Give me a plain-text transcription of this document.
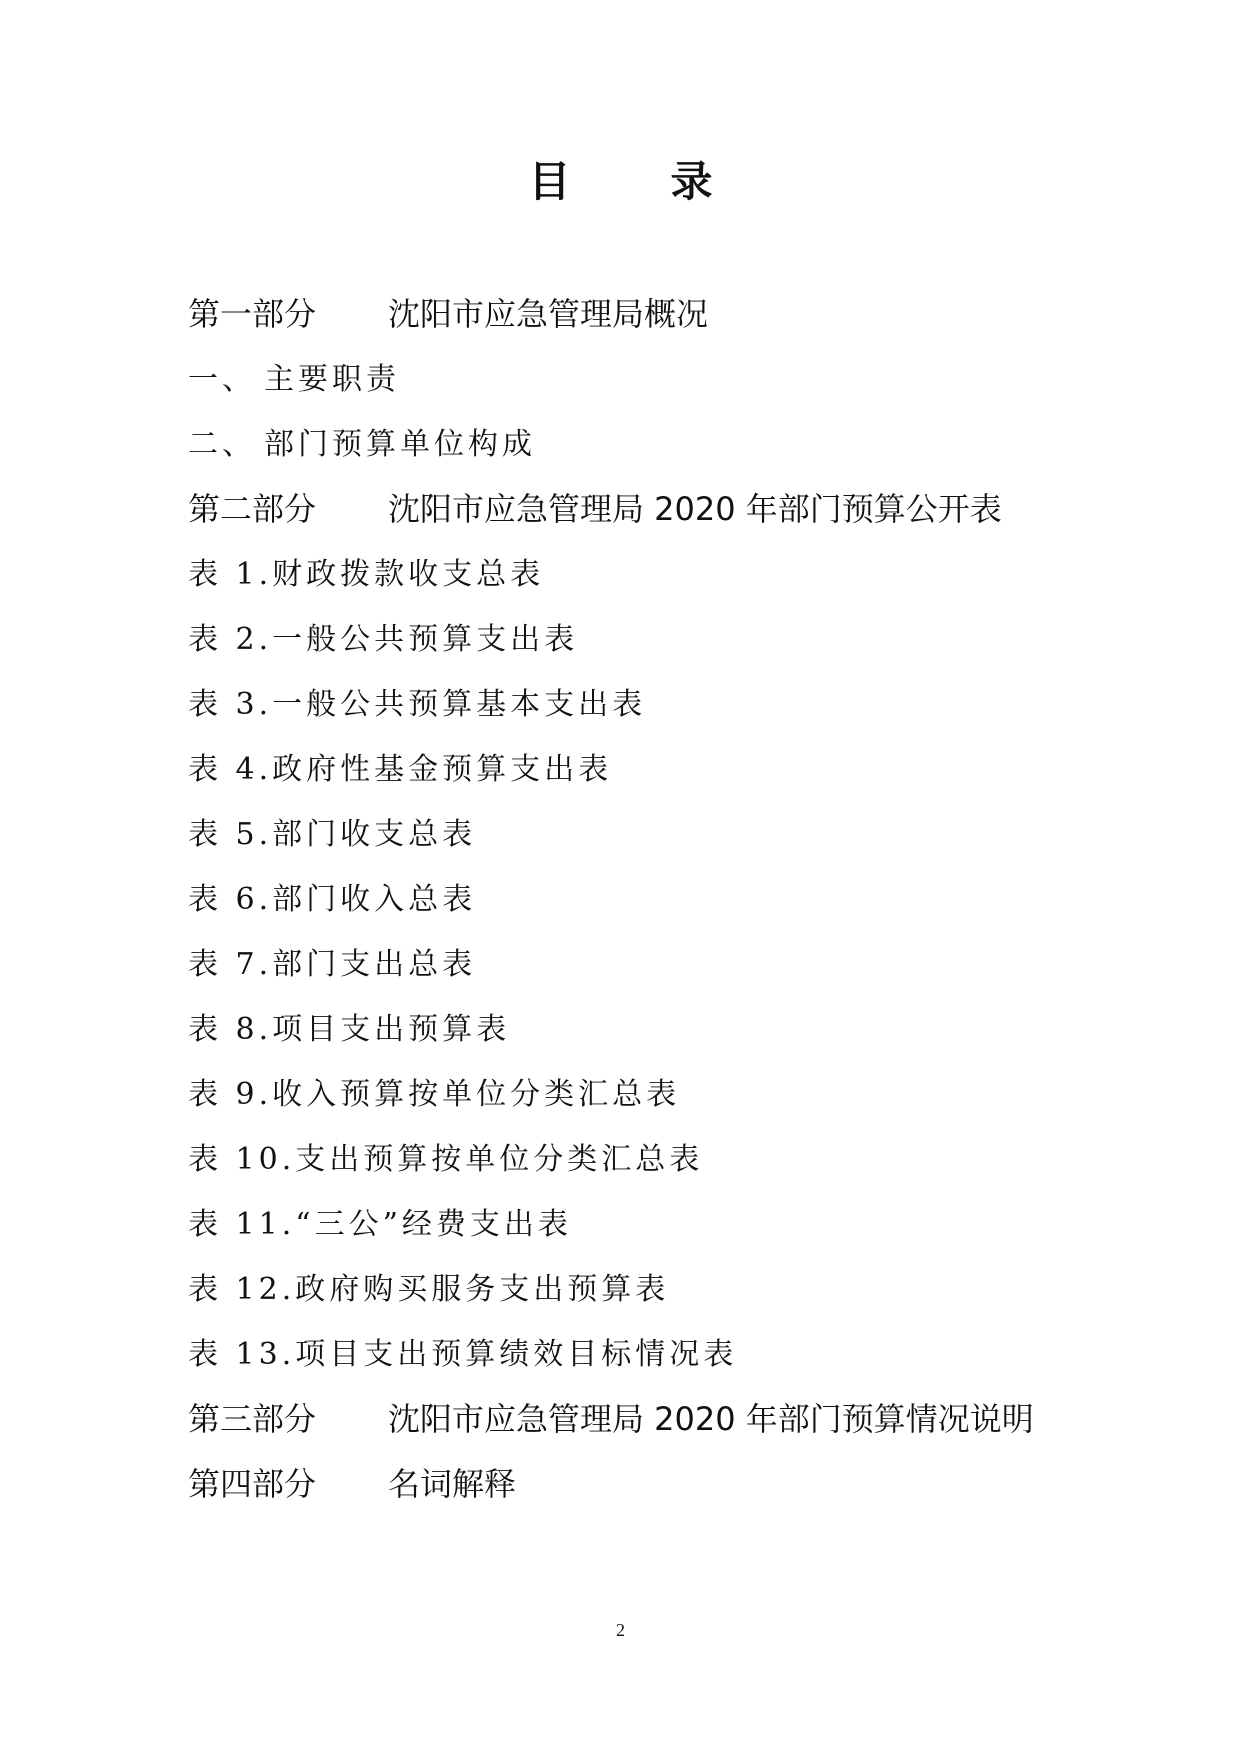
目 录
第一部分 沈阳市应急管理局概况
一、 主要职责
二、 部门预算单位构成
第二部分 沈阳市应急管理局 2020 年部门预算公开表
表 1.财政拨款收支总表
表 2.一般公共预算支出表
表 3.一般公共预算基本支出表
表 4.政府性基金预算支出表
表 5.部门收支总表
表 6.部门收入总表
表 7.部门支出总表
表 8.项目支出预算表
表 9.收入预算按单位分类汇总表
表 10.支出预算按单位分类汇总表
表 11.“三公”经费支出表
表 12.政府购买服务支出预算表
表 13.项目支出预算绩效目标情况表
第三部分 沈阳市应急管理局 2020 年部门预算情况说明
第四部分 名词解释
2
